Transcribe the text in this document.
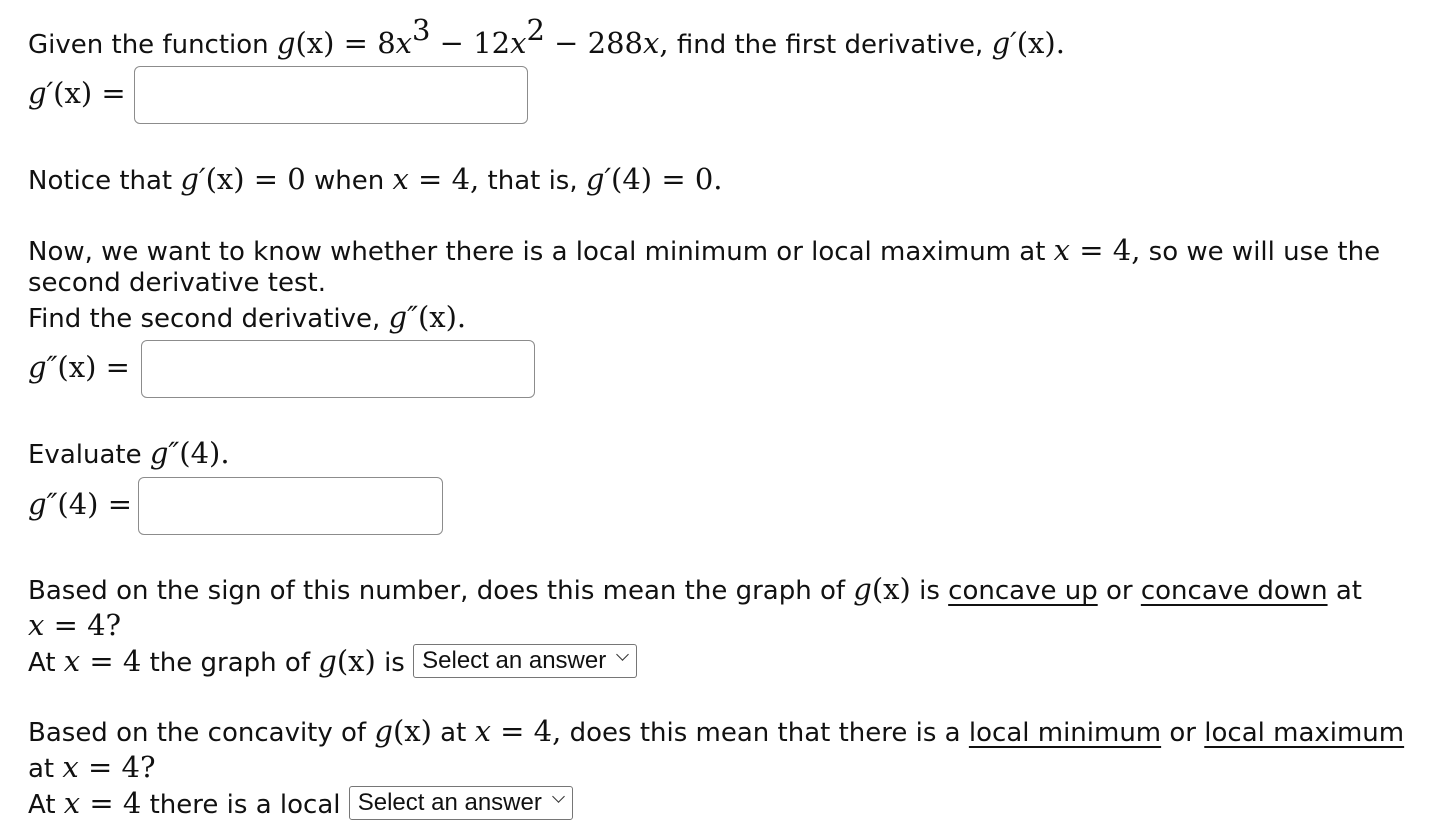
Given the function $g(x) = 8x^3 - 12x^2 - 288x$, find the first derivative, g′(x).
g′(x) =
Notice that g′(x) = 0 when x = 4, that is, g′(4) = 0.
Now, we want to know whether there is a local minimum or local maximum at x = 4, so we will use the
second derivative test.
Find the second derivative, g″(x).
g″(x) =
Evaluate g″(4).
g″(4) =
Based on the sign of this number, does this mean the graph of g(x) is concave up or concave down at
x = 4?
At x = 4 the graph of g(x) is Select an answer
Based on the concavity of g(x) at x = 4, does this mean that there is a local minimum or local maximum
at x = 4?
At x = 4 there is a local Select an answer
